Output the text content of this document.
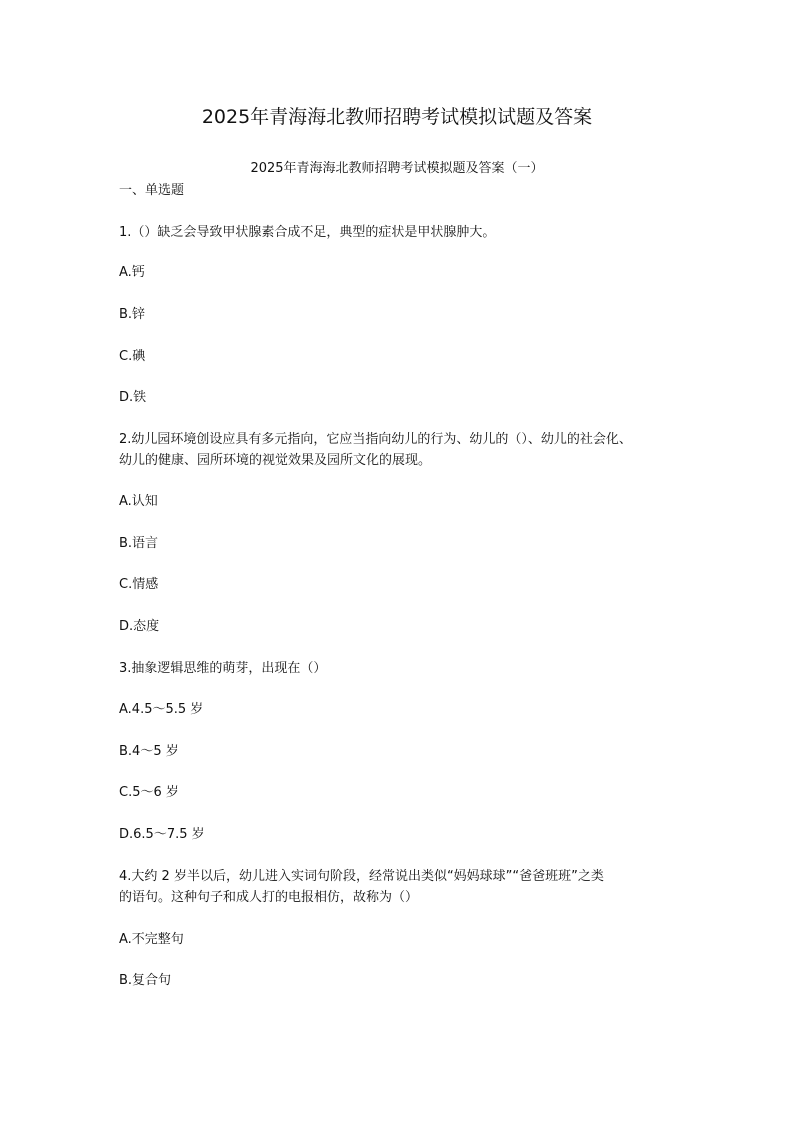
2025年青海海北教师招聘考试模拟试题及答案
2025年青海海北教师招聘考试模拟题及答案（一）
一、单选题
1.（）缺乏会导致甲状腺素合成不足，典型的症状是甲状腺肿大。
A.钙
B.锌
C.碘
D.铁
2.幼儿园环境创设应具有多元指向，它应当指向幼儿的行为、幼儿的（）、幼儿的社会化、
幼儿的健康、园所环境的视觉效果及园所文化的展现。
A.认知
B.语言
C.情感
D.态度
3.抽象逻辑思维的萌芽，出现在（）
A.4.5～5.5 岁
B.4～5 岁
C.5～6 岁
D.6.5～7.5 岁
4.大约 2 岁半以后，幼儿进入实词句阶段，经常说出类似“妈妈球球”“爸爸班班”之类
的语句。这种句子和成人打的电报相仿，故称为（）
A.不完整句
B.复合句
